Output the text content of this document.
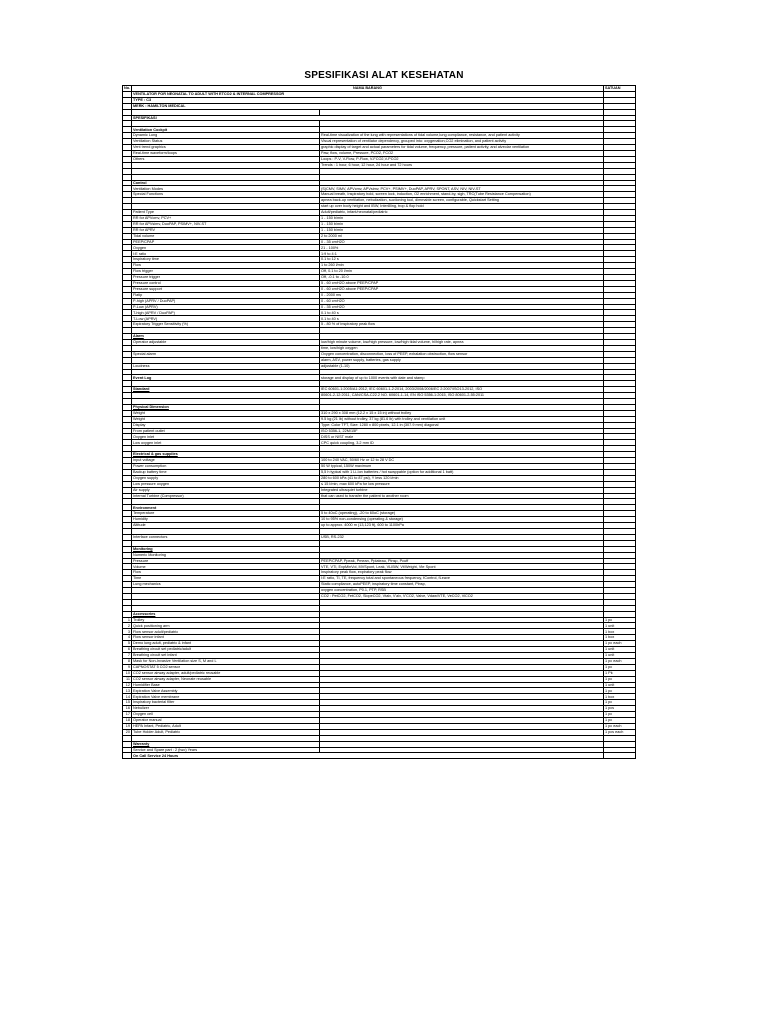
SPESIFIKASI ALAT KESEHATAN
No.	NAMA BARANG		SATUAN
	VENTILATOR FOR NEONATAL TO ADULT WITH ETCO2 & INTERNAL COMPRESSOR		
	TYPE : C3		
	MERK : HAMILTON MEDICAL		

	SPESIFIKASI		

	Ventilation Cockpit		
	Dynamic Lung	Real-time visualization of the lung with representations of tidal volume,lung compliance, resistance, and patient activity	
	Ventilation Status	Visual representation of ventilator dependency, grouped into: oxygenation,CO2 elimination, and patient activity	
	Vent trend graphics	graphic display of target and actual parameters for tidal volume, frequency, pressure, patient activity, and alveolar ventilation	
	Real-time waveform/loops	Paw, flow, volume, Pressure, PCO2, FCO2	
	Others	Loops : P-V, V-Flow, P-Flow, V-FCO2,V-PCO2	
		Trends : 1 hour, 6 hour, 12 hour, 24 hour and 72 hours	

	Control		
	Ventilation Modes	(S)CMV, SIMV, APVcmv, APVsimv, PCV+, PSIMV+, DuoPAP, APRV, SPONT, ASV, NIV, NIV-ST	
	Special Functions	Manual breath, Inspiratory hold, screen lock, induction, O2 enrichment, stand-by, sigh, TRC(Tube Resistance Compensation)	
		apnea back-up ventilation, nebulization, suctioning tool, dimmable screen, configurable, Quickstart Setting	
		start up over body height and IBW, Inter8ling, trop & flop hold	
	Patient Type	Adult/pediatric, infant/neonatal/pediatric	
	RR for APVcmv, PCV+	1 - 150 b/min	
	RR for APVsimv, DuoPAP, PSIMV+, NIV-ST	1 - 150 b/min	
	RR for APRV	1 - 150 b/min	
	Tidal volume	2 to 2000 ml	
	PEEP/CPAP	0 - 35 cmH2O	
	Oxygen	21 - 100%	
	I:E ratio	1:9 to 4:1	
	Inspiratory time	0.1 to 12 s	
	Flow	1 to 260 l/min	
	Flow trigger	Off, 0.1 to 20 l/min	
	Pressure trigger	Off, -0.1 to -10.0	
	Pressure control	5 - 60 cmH2O above PEEP/CPAP	
	Pressure support	0 - 60 cmH2O above PEEP/CPAP	
	Flatip	0 - 2000 ms	
	P-high (APRV / DuoPAP)	0 - 60 cmH2O	
	P-Low (APRV)	0 - 35 cmH2O	
	T-high (APRV / DuoPAP)	0.1 to 40 s	
	T-Low (APRV)	0.1 to 40 s	
	Expiratory Trigger Sensitivity (%)	5 - 80 % of inspiratory peak flow	

	Alarm		
	Operator adjustable	low/high minute volume, low/high pressure, low/high tidal volume, hi/high rate, apnea	
		time, low/high oxygen	
	Special alarm	Oxygen concentration, disconnection, loss of PEEP, exhalation obstruction, flow sensor	
		alarm, ASV, power supply, batteries, gas supply	
	Loudness	adjustable (1-10)	

	Event Log	storage and display of up to 1000 events with date and stamp	

	Standard	IEC 60601-1:2005/A1:2012, IEC 60601-1-2:2014, 2003/2008/2006/EC 2:2007/ISO13-2012, ISO	
		80601-2-12:2011, CAN/CSA-C22.2 NO. 60601-1-14, EN ISO 5356-1:2015, ISO 80601-2-55:2011	

	Physical Dimension		
	Weight	310 x 290 x 308 mm (12.2 x 15 x 15 in) without trolley	
	Weight	9.5 kg (21 lb) without trolley, 37 kg (81.6 lb) with trolley and ventilation unit	
	Display	Type: Color TFT, Size: 1280 x 800 pixels, 12.1 in (307.9 mm) diagonal	
	From patient outlet	ISO 5356-1, 22M/15F	
	Oxygen inlet	DISS or NIST male	
	Low oxygen inlet	CPC quick coupling, 3.2 mm ID	

	Electrical & gas supplies		
	Input voltage	100 to 240 VAC, 50/60 Hz or 12 to 28 V DC	
	Power consumption	50 W typical, 150W maximum	
	Backup battery time	5,5 h typical with 1 Li-Ion batteries / hot swappable (option for additional 1 batt)	
	Oxygen supply	280 to 600 kPa (41 to 87 psi), Y less 120 l/min	
	Low pressure oxygen	≤ 15 l/min, max 600 kPa for low pressure	
	Air supply	Integrated ultraquiet turbine	
	Internal Turbine (Compressor)	that can used to transfer the patient to another room	

	Environment		
	Temperature	5 to 40oC (operating), -20 to 60oC (storage)	
	Humidity	10 to 95% non-condensing (operating & storage)	
	Altitude	up to approx. 4000 m (13,123 ft), 600 to 1100hPa	

	Interface connectors	USB, RS-232	

	Monitoring		
	Numeric Monitoring		
	Pressure	PEEP/CPAP, Ppeak, Pmean, Pplateau, Pinsp, Pcuff	
	Volume	VTE, VTI, ExpMinVol, MVSpont, Leak, VLIBW, Vt/Weight, Vte Spont	
	Flow	Inspiratory peak flow, expiratory peak flow	
	Time	I:E ratio, TI, TE, frequency total and spontaneous frequency, fControl, fLeave	
	Lung mechanics	Static compliance, autoPEEP, inspiratory time constant, Pinsp,	
		oxygen concentration, P0.1, PTP, RSB	
		CO2 : PetCO2, FetCO2, SlopeCO2, Vtalv, V'alv, V'CO2, Valve, Vdaw/VTE, VeCO2, ViCO2	

	Accessories		
1	Trolley		1 pc
2	Quick positioning arm		1 unit
3	Flow sensor adult/pediatric		1 box
4	Flow sensor infant		1 box
5	Demo lung adult, pediatric & infant		1 pc each
6	Breathing circuit set pediatric/adult		1 unit
7	Breathing circuit set infant		1 unit
8	Mask for Non-Invasive Ventilation size S, M and L		1 pc each
9	CAPNOSTAT 5 CO2 sensor		1 pc
10	CO2 sensor airway adapter, adult/pediatric reusable		1 Pk
11	CO2 sensor airway adapter, Neonate reusable		1 pc
12	Humidifier Base		1 unit
13	Expiration Valve Assembly		1 pc
14	Expiration Valve membrane		1 box
15	Inspiratory bacterial filter		1 pc
16	Nebulizer		1 pcs
17	Oxygen cell		1 pc
18	Operator manual		1 pc
19	HEPA Infant, Pediatric, Adult		1 pc each
20	Tube Holder Adult, Pediatric		1 pcs each

	Warranty		
	Service and Spare part : 2 (two) Years		
	On Call Service 24 Hours		
